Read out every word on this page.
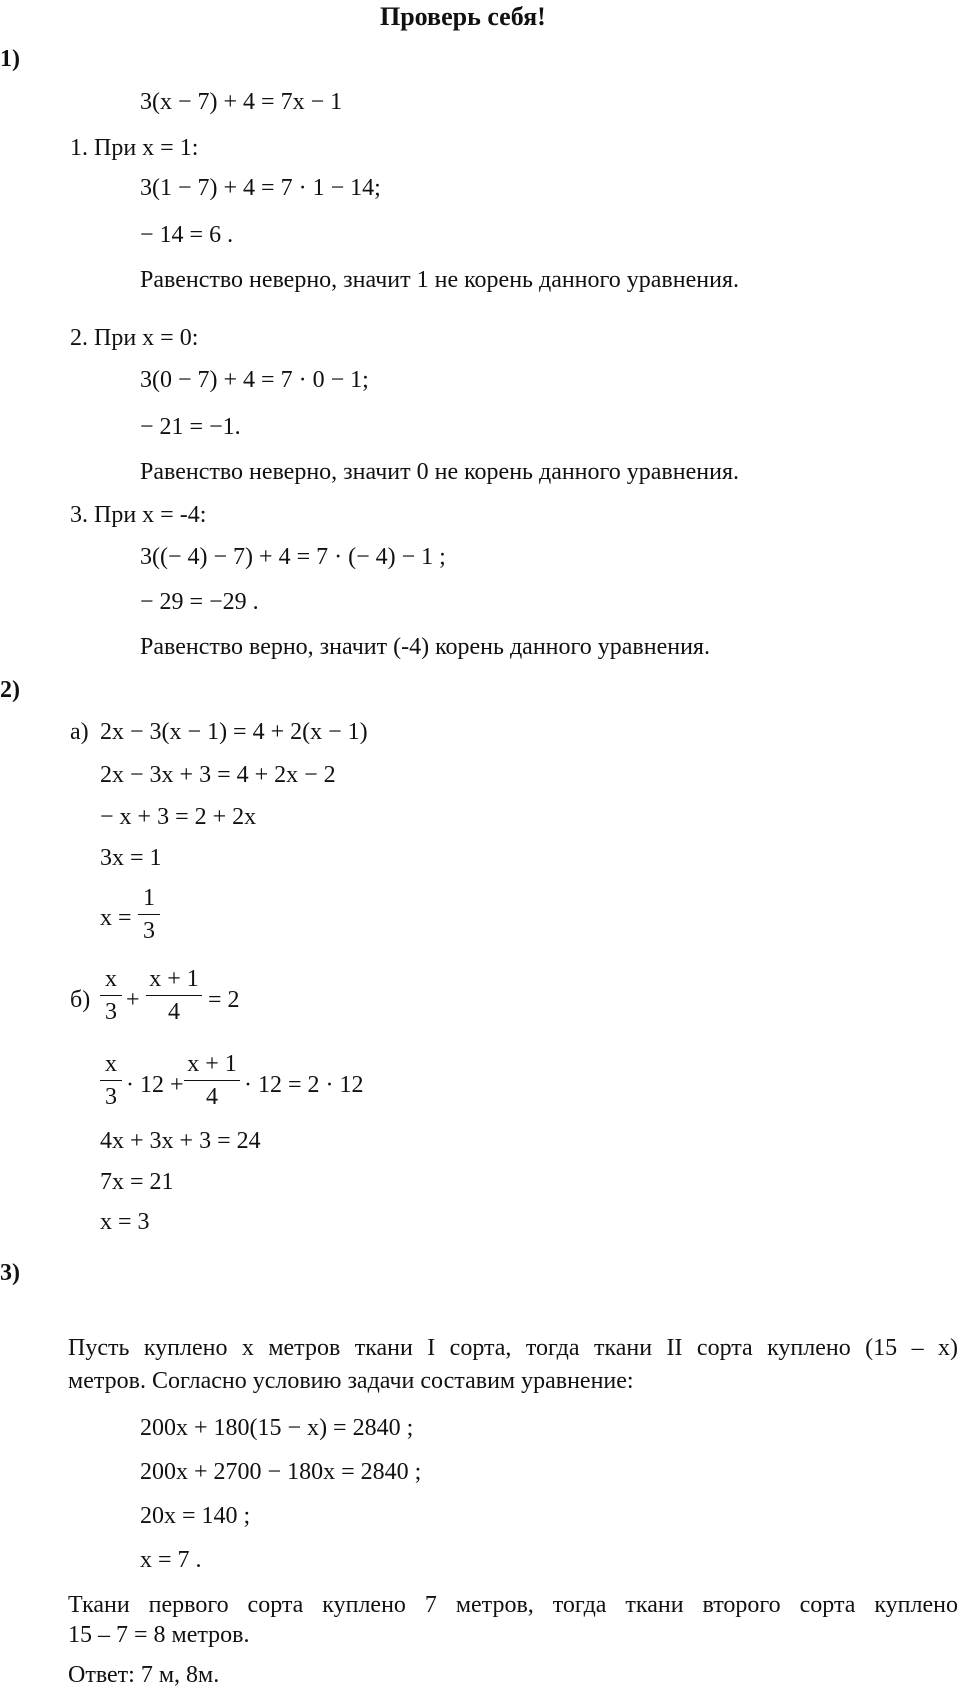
Проверь себя!
1)
3(x − 7) + 4 = 7x − 1
1. При x = 1:
3(1 − 7) + 4 = 7 · 1 − 14;
− 14 = 6 .
Равенство неверно, значит 1 не корень данного уравнения.
2. При x = 0:
3(0 − 7) + 4 = 7 · 0 − 1;
− 21 = −1.
Равенство неверно, значит 0 не корень данного уравнения.
3. При x = -4:
3((− 4) − 7) + 4 = 7 · (− 4) − 1 ;
− 29 = −29 .
Равенство верно, значит (-4) корень данного уравнения.
2)
а) 2x − 3(x − 1) = 4 + 2(x − 1)
2x − 3x + 3 = 4 + 2x − 2
− x + 3 = 2 + 2x
3x = 1
x =
1
3
б)
x
3 +
x + 1
4	= 2
x
3 · 12 +
x + 1
4	· 12 = 2 · 12
4x + 3x + 3 = 24
7x = 21
x = 3
3)
Пусть куплено х метров ткани I сорта, тогда ткани II сорта куплено (15 – x)
метров. Согласно условию задачи составим уравнение:
200x + 180(15 − x) = 2840 ;
200x + 2700 − 180x = 2840 ;
20x = 140 ;
x = 7 .
Ткани первого сорта куплено 7 метров, тогда ткани второго сорта куплено
15 – 7 = 8 метров.
Ответ: 7 м, 8м.
